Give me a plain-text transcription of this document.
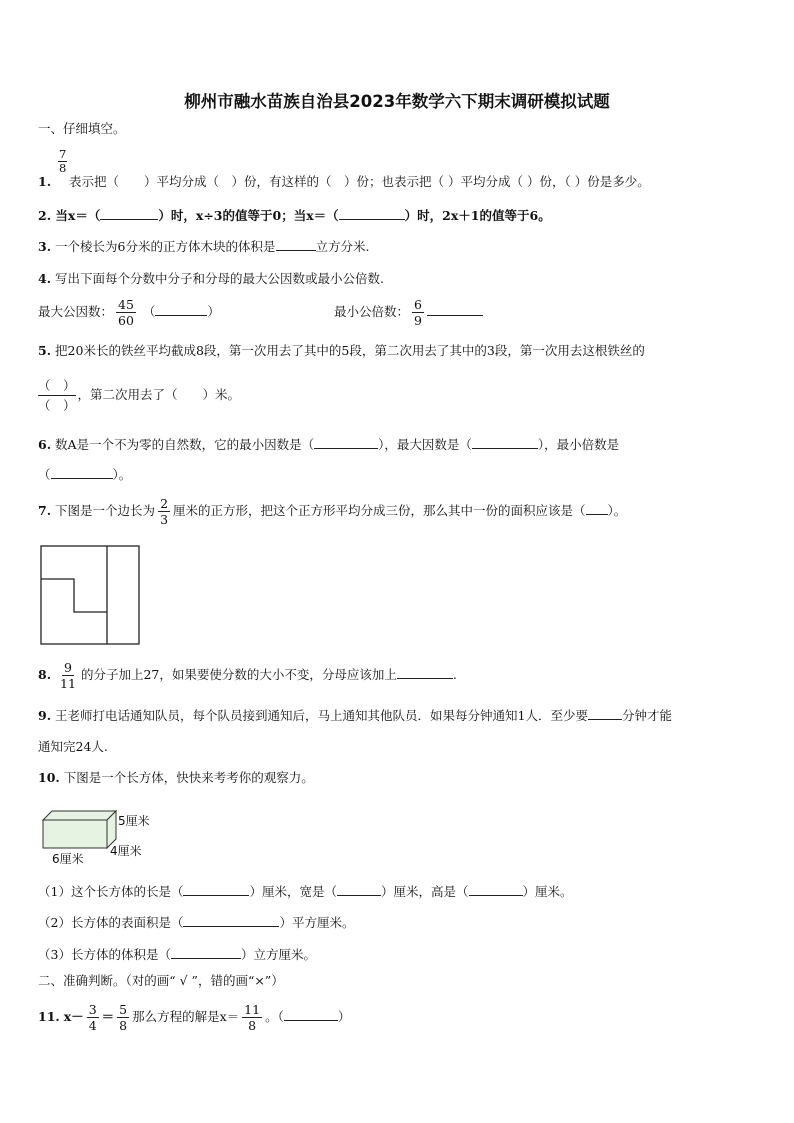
柳州市融水苗族自治县2023年数学六下期末调研模拟试题
一、仔细填空。
$\frac{7}{8}$
1. 表示把（　　）平均分成（　）份，有这样的（　）份；也表示把（ ）平均分成（ ）份，（ ）份是多少。
2. 当x＝（	）时，x÷3的值等于0；当x＝（	）时，2x＋1的值等于6。
3. 一个棱长为6分米的正方体木块的体积是	立方分米.
4. 写出下面每个分数中分子和分母的最大公因数或最小公倍数.
最大公因数： $\frac{45}{60}$ （	）	最小公倍数： $\frac{6}{9}$
5. 把20米长的铁丝平均截成8段，第一次用去了其中的5段，第二次用去了其中的3段，第一次用去这根铁丝的
$\frac{( )}{( )}$ ，第二次用去了（　　）米。
6. 数A是一个不为零的自然数，它的最小因数是（	），最大因数是（	），最小倍数是
（	）。
7. 下图是一个边长为 $\frac{2}{3}$ 厘米的正方形，把这个正方形平均分成三份，那么其中一份的面积应该是（ ）。
8. $\frac{9}{11}$ 的分子加上27，如果要使分数的大小不变，分母应该加上	.
9. 王老师打电话通知队员，每个队员接到通知后，马上通知其他队员．如果每分钟通知1人．至少要	分钟才能
通知完24人.
10. 下图是一个长方体，快快来考考你的观察力。
5厘米
4厘米
6厘米
（1）这个长方体的长是（	）厘米，宽是（	）厘米，高是（	）厘米。
（2）长方体的表面积是（	）平方厘米。
（3）长方体的体积是（	）立方厘米。
二、准确判断。（对的画“ √ ”，错的画“×”）
11. $x- \frac{3}{4} = \frac{5}{8}$ 那么方程的解是$x= \frac{11}{8}$ 。（	）
